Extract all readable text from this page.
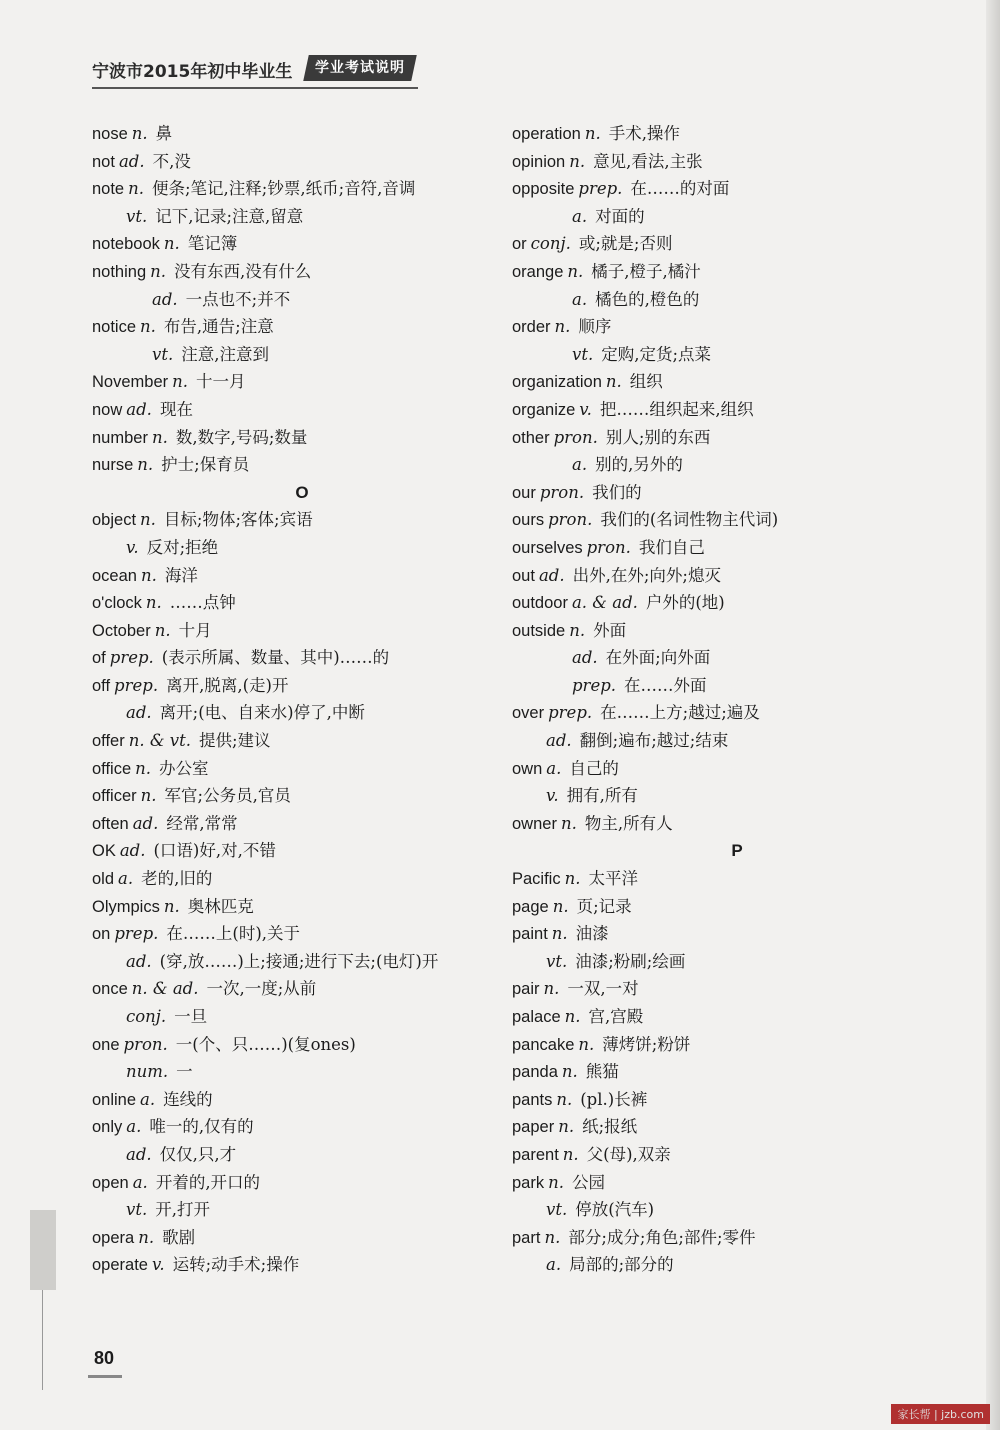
宁波市2015年初中毕业生	学业考试说明
nose n. 鼻
not ad. 不,没
note n. 便条;笔记,注释;钞票,纸币;音符,音调
vt. 记下,记录;注意,留意
notebook n. 笔记簿
nothing n. 没有东西,没有什么
ad. 一点也不;并不
notice n. 布告,通告;注意
vt. 注意,注意到
November n. 十一月
now ad. 现在
number n. 数,数字,号码;数量
nurse n. 护士;保育员
O
object n. 目标;物体;客体;宾语
v. 反对;拒绝
ocean n. 海洋
o'clock n. ……点钟
October n. 十月
of prep. (表示所属、数量、其中)……的
off prep. 离开,脱离,(走)开
ad. 离开;(电、自来水)停了,中断
offer n. & vt. 提供;建议
office n. 办公室
officer n. 军官;公务员,官员
often ad. 经常,常常
OK ad. (口语)好,对,不错
old a. 老的,旧的
Olympics n. 奥林匹克
on prep. 在……上(时),关于
ad. (穿,放……)上;接通;进行下去;(电灯)开
once n. & ad. 一次,一度;从前
conj. 一旦
one pron. 一(个、只……)(复ones)
num. 一
online a. 连线的
only a. 唯一的,仅有的
ad. 仅仅,只,才
open a. 开着的,开口的
vt. 开,打开
opera n. 歌剧
operate v. 运转;动手术;操作
operation n. 手术,操作
opinion n. 意见,看法,主张
opposite prep. 在……的对面
a. 对面的
or conj. 或;就是;否则
orange n. 橘子,橙子,橘汁
a. 橘色的,橙色的
order n. 顺序
vt. 定购,定货;点菜
organization n. 组织
organize v. 把……组织起来,组织
other pron. 别人;别的东西
a. 别的,另外的
our pron. 我们的
ours pron. 我们的(名词性物主代词)
ourselves pron. 我们自己
out ad. 出外,在外;向外;熄灭
outdoor a. & ad. 户外的(地)
outside n. 外面
ad. 在外面;向外面
prep. 在……外面
over prep. 在……上方;越过;遍及
ad. 翻倒;遍布;越过;结束
own a. 自己的
v. 拥有,所有
owner n. 物主,所有人
P
Pacific n. 太平洋
page n. 页;记录
paint n. 油漆
vt. 油漆;粉刷;绘画
pair n. 一双,一对
palace n. 宫,宫殿
pancake n. 薄烤饼;粉饼
panda n. 熊猫
pants n. (pl.)长裤
paper n. 纸;报纸
parent n. 父(母),双亲
park n. 公园
vt. 停放(汽车)
part n. 部分;成分;角色;部件;零件
a. 局部的;部分的
80
家长帮 | jzb.com
